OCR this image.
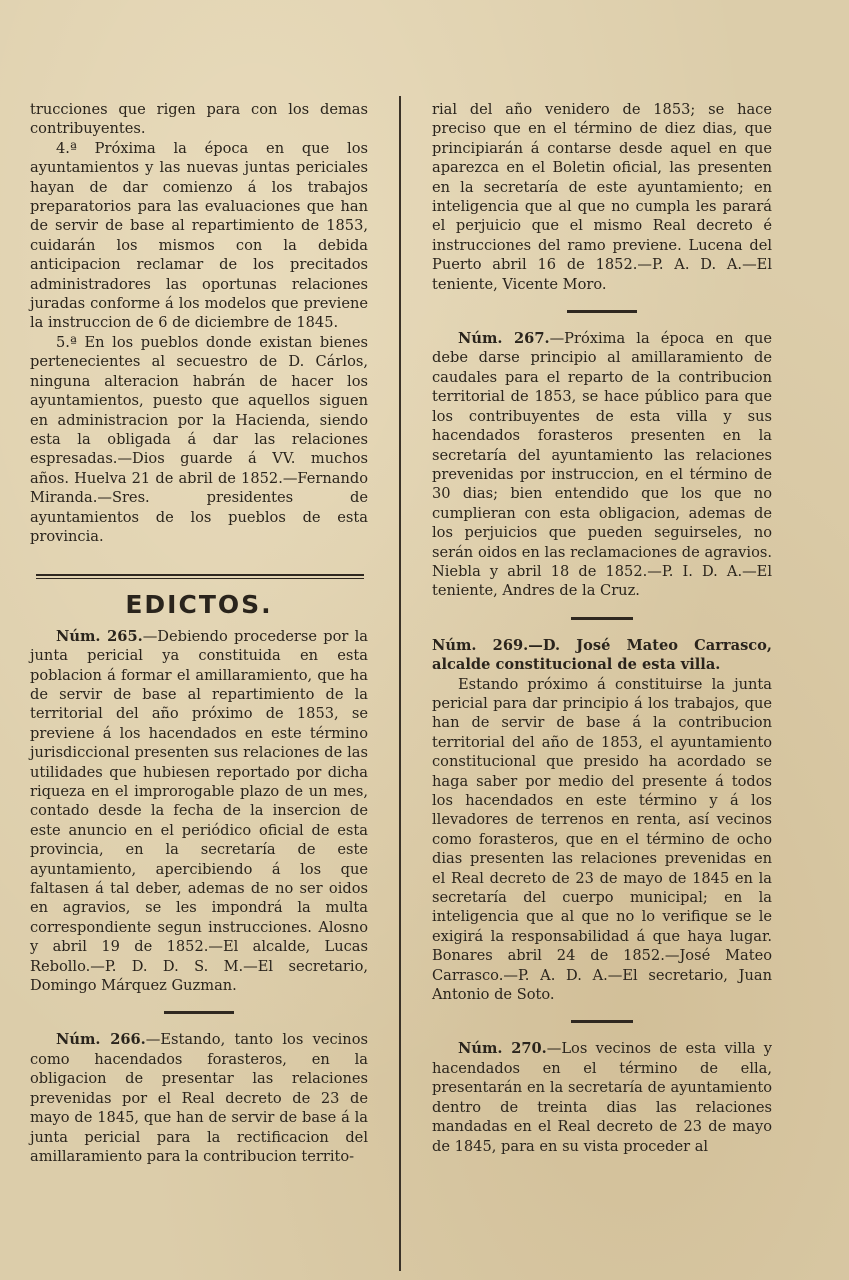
trucciones que rigen para con los demas contribuyentes.

4.ª Próxima la época en que los ayuntamientos y las nuevas juntas periciales hayan de dar comienzo á los trabajos preparatorios para las evaluaciones que han de servir de base al repartimiento de 1853, cuidarán los mismos con la debida anticipacion reclamar de los precitados administradores las oportunas relaciones juradas conforme á los modelos que previene la instruccion de 6 de diciembre de 1845.

5.ª En los pueblos donde existan bienes pertenecientes al secuestro de D. Cárlos, ninguna alteracion habrán de hacer los ayuntamientos, puesto que aquellos siguen en administracion por la Hacienda, siendo esta la obligada á dar las relaciones espresadas.—Dios guarde á VV. muchos años. Huelva 21 de abril de 1852.—Fernando Miranda.—Sres. presidentes de ayuntamientos de los pueblos de esta provincia.

EDICTOS.

Núm. 265.—Debiendo procederse por la junta pericial ya constituida en esta poblacion á formar el amillaramiento, que ha de servir de base al repartimiento de la territorial del año próximo de 1853, se previene á los hacendados en este término jurisdiccional presenten sus relaciones de las utilidades que hubiesen reportado por dicha riqueza en el improrogable plazo de un mes, contado desde la fecha de la insercion de este anuncio en el periódico oficial de esta provincia, en la secretaría de este ayuntamiento, apercibiendo á los que faltasen á tal deber, ademas de no ser oidos en agravios, se les impondrá la multa correspondiente segun instrucciones. Alosno y abril 19 de 1852.—El alcalde, Lucas Rebollo.—P. D. D. S. M.—El secretario, Domingo Márquez Guzman.

Núm. 266.—Estando, tanto los vecinos como hacendados forasteros, en la obligacion de presentar las relaciones prevenidas por el Real decreto de 23 de mayo de 1845, que han de servir de base á la junta pericial para la rectificacion del amillaramiento para la contribucion territo-

rial del año venidero de 1853; se hace preciso que en el término de diez dias, que principiarán á contarse desde aquel en que aparezca en el Boletin oficial, las presenten en la secretaría de este ayuntamiento; en inteligencia que al que no cumpla les parará el perjuicio que el mismo Real decreto é instrucciones del ramo previene. Lucena del Puerto abril 16 de 1852.—P. A. D. A.—El teniente, Vicente Moro.

Núm. 267.—Próxima la época en que debe darse principio al amillaramiento de caudales para el reparto de la contribucion territorial de 1853, se hace público para que los contribuyentes de esta villa y sus hacendados forasteros presenten en la secretaría del ayuntamiento las relaciones prevenidas por instruccion, en el término de 30 dias; bien entendido que los que no cumplieran con esta obligacion, ademas de los perjuicios que pueden seguirseles, no serán oidos en las reclamaciones de agravios. Niebla y abril 18 de 1852.—P. I. D. A.—El teniente, Andres de la Cruz.

Núm. 269.—D. José Mateo Carrasco, alcalde constitucional de esta villa.

Estando próximo á constituirse la junta pericial para dar principio á los trabajos, que han de servir de base á la contribucion territorial del año de 1853, el ayuntamiento constitucional que presido ha acordado se haga saber por medio del presente á todos los hacendados en este término y á los llevadores de terrenos en renta, así vecinos como forasteros, que en el término de ocho dias presenten las relaciones prevenidas en el Real decreto de 23 de mayo de 1845 en la secretaría del cuerpo municipal; en la inteligencia que al que no lo verifique se le exigirá la responsabilidad á que haya lugar. Bonares abril 24 de 1852.—José Mateo Carrasco.—P. A. D. A.—El secretario, Juan Antonio de Soto.

Núm. 270.—Los vecinos de esta villa y hacendados en el término de ella, presentarán en la secretaría de ayuntamiento dentro de treinta dias las relaciones mandadas en el Real decreto de 23 de mayo de 1845, para en su vista proceder al
